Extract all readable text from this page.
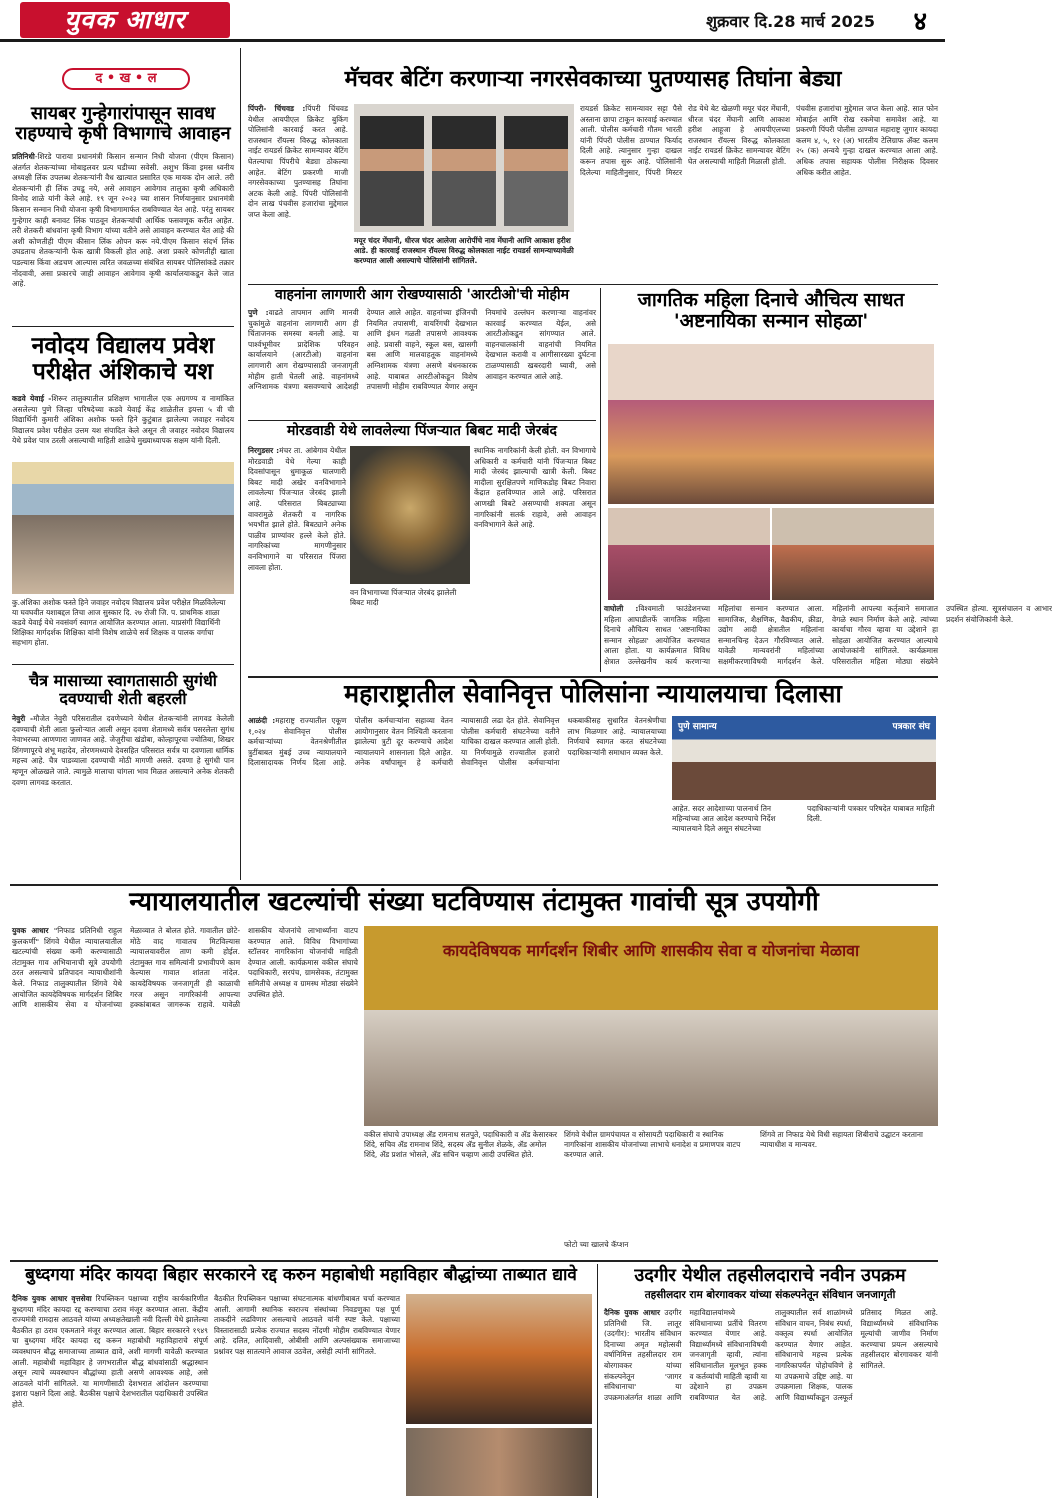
युवक आधार	शुक्रवार दि.28 मार्च 2025 ४
द • ख • ल
सायबर गुन्हेगारांपासून सावध राहण्याचे कृषी विभागाचे आवाहन
प्रतिनिधी-शिरडे पाराया प्रधानमंत्री किसान सन्मान निधी योजना (पीएम किसान) अंतर्गत शेतकऱ्यांच्या मोबाइलवर प्रत्य घडीच्या सवेसी. अशुभ किंवा इमस ध्वनीय अध्यक्षी लिंक उपलब्ध शेतकऱ्यांनी वैध खात्यात प्रसारित एक मायक दोन आले. तरी शेतकऱ्यांनी ही लिंक उघडू नये, असे आवाहन आवेगाव तालुका कृषी अधिकारी विनोद शाळे यांनी केले आहे. १९ जून २०२३ च्या शासन निर्णयानुसार प्रधानमंत्री किसान सन्मान निधी योजना कृषी विभागामार्फत राबविण्यात येत आहे. परंतु सायबर गुन्हेगार काही बनावट लिंक पाठवून शेतकऱ्यांची आर्थिक फसवणूक करीत आहेत. तरी शेतकरी बांधवांना कृषी विभाग यांच्या वतीने असे आवाहन करण्यात येत आहे की अशी कोणतीही पीएम कीसान लिंक ओपन करू नये.पीएम किसान संदर्भ लिंक उघडताच शेतकऱ्यांनी फेक खात्री विकली होत आहे. अशा प्रकारे कोणतीही खाता पडल्यास किंवा अडचण आल्यास त्वरित जवळच्या संबंधित सायबर पोलिसांकडे तक्रार नोंदवावी, असा प्रकारचे जाही आवाहन आवेगाव कृषी कार्यालयाकडून केले जात आहे.
नवोदय विद्यालय प्रवेश परीक्षेत अंशिकाचे यश
कडवे येवाई -शिरूर तालुक्यातील प्रशिक्षण भागातील एक अग्रगण्य व नामांकित असलेल्या पुणे जिल्हा परिषदेच्या कडवे येवाई केंद्र शाळेतील इयत्ता ५ वी ची विद्यार्थिनी कुमारी अंशिका अशोक फस्ते हिने कुटुंबात झालेल्या जवाहर नवोदय विद्यालय प्रवेश परीक्षेत उत्तम यश संपादित केले असून ती जवाहर नवोदय विद्यालय येथे प्रवेश पात्र ठरली असल्याची माहिती शाळेचे मुख्याध्यापक सक्षम यांनी दिली.
कु.अंशिका अशोक फस्ते हिने जवाहर नवोदय विद्यालय प्रवेश परीक्षेत मिळविलेल्या या घवघवीत यशाबद्दल तिचा आज सुस्कार दि. २७ रोजी जि. प. प्राथमिक शाळा कडवे येवाई येथे नवसंवर्ग स्वागत आयोजित करण्यात आला. याप्रसंगी विद्यार्थिनी शिक्षिका मार्गदर्शक शिक्षिका यांनी विशेष शाळेचे सर्व शिक्षक व पालक वर्गाचा सहभाग होता.
चैत्र मासाच्या स्वागतासाठी सुगंधी दवण्याची शेती बहरली
नेवुरी -मौजेत नेवुरी परिसरातील दवणेच्याने येथील शेतकऱ्यांनी लागवड केलेली दवण्याची शेती आता फुलोऱ्यात आली असून दवणा शेतामध्ये सर्वत्र पसरलेला सुगंध नेवाभरच्या आणणारा जाणवत आहे. जेजुरीचा खंडोबा, कोल्हापूरचा ज्योतिबा, शिखर शिंगणापूरचे शंभू महादेव, तोरणमध्याचे देवसहित परिसरात सर्वत्र या दवणाला धार्मिक महत्त्व आहे. चैत्र पाडव्याला दवण्याची मोठी मागणी असते. दवणा हे सुगंधी पान म्हणून ओळखले जाते. त्यामुळे मालाचा चांगला भाव मिळत असल्याने अनेक शेतकरी दवणा लागवड करतात.
मॅचवर बेटिंग करणाऱ्या नगरसेवकाच्या पुतण्यासह तिघांना बेड्या
पिंपरी- चिंचवड :पिंपरी चिंचवड येथील आयपीएल क्रिकेट बुकिंग पोलिसांनी कारवाई करत आहे. राजस्थान रॉयल्स विरुद्ध कोलकाता नाईट रायडर्स क्रिकेट सामन्यावर बेटिंग घेतल्याचा पिंपरीचे बेड्या ठोकल्या आहेत. बेटिंग प्रकरणी माजी नगरसेवकाच्या पुतण्यासह तिघांना अटक केली आहे. पिंपरी पोलिसांनी दोन लाख पंचवीस हजारांचा मुद्देमाल जप्त केला आहे.
मयूर चंदर मेंघानी, धीरज चंदर आलेजा आरोपींचे नाव मेंघानी आणि आकाश हरीश आडे. ही कारवाई राजस्थान रॉयल्स विरुद्ध कोलकाता नाईट रायडर्स सामन्याच्यावेळी करण्यात आली असल्याचे पोलिसांनी सांगितले.
रायडर्स क्रिकेट सामन्यावर सट्टा पैसे अस्ताना छापा टाकून कारवाई करण्यात आली. पोलीस कर्मचारी गौतम भारती यांनी पिंपरी पोलीस ठाण्यात फिर्याद दिली आहे. त्यानुसार गुन्हा दाखल करून तपास सुरू आहे. पोलिसांनी दिलेल्या माहितीनुसार, पिंपरी मिस्टर रोड येथे बेट खेळणी मयूर चंदर मेंघानी, धीरज चंदर मेंघानी आणि आकाश हरीश आहूजा हे आयपीएलच्या राजस्थान रॉयल्स विरुद्ध कोलकाता नाईट रायडर्स क्रिकेट सामन्यावर बेटिंग घेत असल्याची माहिती मिळाली होती.
पंचवीस हजारांचा मुद्देमाल जप्त केला आहे. सात फोन मोबाईल आणि रोख रकमेचा समावेश आहे. या प्रकरणी पिंपरी पोलीस ठाण्यात महाराष्ट्र जुगार कायदा कलम ४, ५, १२ (अ) भारतीय टेलिग्राफ ॲक्ट कलम २५ (क) अन्वये गुन्हा दाखल करण्यात आला आहे. अधिक तपास सहायक पोलीस निरीक्षक दिवसर अधिक करीत आहेत.
वाहनांना लागणारी आग रोखण्यासाठी 'आरटीओ'ची मोहीम
पुणे :वाढते तापमान आणि मानवी चुकांमुळे वाहनांना लागणारी आग ही चिंताजनक समस्या बनली आहे. या पार्श्वभूमीवर प्रादेशिक परिवहन कार्यालयाने (आरटीओ) वाहनांना लागणारी आग रोखण्यासाठी जनजागृती मोहीम हाती घेतली आहे. वाहनांमध्ये अग्निशामक यंत्रणा बसवण्याचे आदेशही देण्यात आले आहेत. वाहनांच्या इंजिनची नियमित तपासणी, वायरिंगची देखभाल आणि इंधन गळती तपासणे आवश्यक आहे. प्रवासी वाहने, स्कूल बस, खासगी बस आणि मालवाहतूक वाहनांमध्ये अग्निशामक यंत्रणा असणे बंधनकारक आहे. याबाबत आरटीओकडून विशेष तपासणी मोहीम राबविण्यात येणार असून नियमांचे उल्लंघन करणाऱ्या वाहनांवर कारवाई करण्यात येईल, असे आरटीओकडून सांगण्यात आले. वाहनचालकांनी वाहनांची नियमित देखभाल करावी व आगीसारख्या दुर्घटना टाळण्यासाठी खबरदारी घ्यावी, असे आवाहन करण्यात आले आहे.
जागतिक महिला दिनाचे औचित्य साधत 'अष्टनायिका सन्मान सोहळा'
वाघोली :विश्वमाती फाउंडेशनच्या महिला आघाडीतर्फे जागतिक महिला दिनाचे औचित्य साधत 'अष्टनायिका सन्मान सोहळा' आयोजित करण्यात आला होता. या कार्यक्रमात विविध क्षेत्रात उल्लेखनीय कार्य करणाऱ्या महिलांचा सन्मान करण्यात आला. सामाजिक, शैक्षणिक, वैद्यकीय, क्रीडा, उद्योग आदी क्षेत्रातील महिलांना सन्मानचिन्ह देऊन गौरविण्यात आले. यावेळी मान्यवरांनी महिलांच्या सक्षमीकरणाविषयी मार्गदर्शन केले. महिलांनी आपल्या कर्तृत्वाने समाजात वेगळे स्थान निर्माण केले आहे. त्यांच्या कार्याचा गौरव व्हावा या उद्देशाने हा सोहळा आयोजित करण्यात आल्याचे आयोजकांनी सांगितले. कार्यक्रमास परिसरातील महिला मोठ्या संख्येने उपस्थित होत्या. सूत्रसंचालन व आभार प्रदर्शन संयोजिकांनी केले.
मोरडवाडी येथे लावलेल्या पिंजऱ्यात बिबट मादी जेरबंद
निरगुडसर :मंचर ता. आंबेगाव येथील मोरडवाडी येथे गेल्या काही दिवसांपासून धुमाकूळ घालणारी बिबट मादी अखेर वनविभागाने लावलेल्या पिंजऱ्यात जेरबंद झाली आहे. परिसरात बिबट्याच्या वावरामुळे शेतकरी व नागरिक भयभीत झाले होते. बिबट्याने अनेक पाळीव प्राण्यांवर हल्ले केले होते. नागरिकांच्या मागणीनुसार वनविभागाने या परिसरात पिंजरा लावला होता.
वन विभागाच्या पिंजऱ्यात जेरबंद झालेली बिबट मादी
स्थानिक नागरिकांनी केली होती. वन विभागाचे अधिकारी व कर्मचारी यांनी पिंजऱ्यात बिबट मादी जेरबंद झाल्याची खात्री केली. बिबट मादीला सुरक्षितपणे माणिकडोह बिबट निवारा केंद्रात हलविण्यात आले आहे. परिसरात आणखी बिबटे असण्याची शक्यता असून नागरिकांनी सतर्क राहावे, असे आवाहन वनविभागाने केले आहे.
महाराष्ट्रातील सेवानिवृत्त पोलिसांना न्यायालयाचा दिलासा
आळंदी :महाराष्ट्र राज्यातील एकूण १,०२४ सेवानिवृत्त पोलीस कर्मचाऱ्यांच्या वेतनश्रेणीतील त्रुटींबाबत मुंबई उच्च न्यायालयाने दिलासादायक निर्णय दिला आहे. पोलीस कर्मचाऱ्यांना सहाव्या वेतन आयोगानुसार वेतन निश्चिती करताना झालेल्या त्रुटी दूर करण्याचे आदेश न्यायालयाने शासनाला दिले आहेत. अनेक वर्षांपासून हे कर्मचारी न्यायासाठी लढा देत होते. सेवानिवृत्त पोलीस कर्मचारी संघटनेच्या वतीने याचिका दाखल करण्यात आली होती. या निर्णयामुळे राज्यातील हजारो सेवानिवृत्त पोलीस कर्मचाऱ्यांना थकबाकीसह सुधारित वेतनश्रेणीचा लाभ मिळणार आहे. न्यायालयाच्या निर्णयाचे स्वागत करत संघटनेच्या पदाधिकाऱ्यांनी समाधान व्यक्त केले.
पुणे सामान्य	पत्रकार संघ
आहेत. सदर आदेशाच्या पालनार्थ तिन महिन्यांच्या आत आदेश करण्याचे निर्देश न्यायालयाने दिले असून संघटनेच्या पदाधिकाऱ्यांनी पत्रकार परिषदेत याबाबत माहिती दिली.
न्यायालयातील खटल्यांची संख्या घटविण्यास तंटामुक्त गावांची सूत्र उपयोगी
युवक आधार "निफाड प्रतिनिधी राहुल कुलकर्णी" शिंगवे येथील न्यायालयातील खटल्यांची संख्या कमी करण्यासाठी तंटामुक्त गाव अभियानाची सूत्रे उपयोगी ठरत असल्याचे प्रतिपादन न्यायाधीशांनी केले. निफाड तालुक्यातील शिंगवे येथे आयोजित कायदेविषयक मार्गदर्शन शिबिर आणि शासकीय सेवा व योजनांच्या मेळाव्यात ते बोलत होते. गावातील छोटे-मोठे वाद गावातच मिटविल्यास न्यायालयावरील ताण कमी होईल. तंटामुक्त गाव समित्यांनी प्रभावीपणे काम केल्यास गावात शांतता नांदेल. कायदेविषयक जनजागृती ही काळाची गरज असून नागरिकांनी आपल्या हक्कांबाबत जागरूक राहावे. यावेळी शासकीय योजनांचे लाभार्थ्यांना वाटप करण्यात आले. विविध विभागांच्या स्टॉलवर नागरिकांना योजनांची माहिती देण्यात आली. कार्यक्रमास वकील संघाचे पदाधिकारी, सरपंच, ग्रामसेवक, तंटामुक्त समितीचे अध्यक्ष व ग्रामस्थ मोठ्या संख्येने उपस्थित होते.
कायदेविषयक मार्गदर्शन शिबीर आणि शासकीय सेवा व योजनांचा मेळावा
वकील संघाचे उपाध्यक्ष ॲड रामनाथ सतपुते, पदाधिकारी व ॲड केसारकर शिंदे, सचिव ॲड रामनाथ शिंदे, सदस्य ॲड सुनील शेळके, ॲड अमोल शिंदे, ॲड प्रशांत भोसले, ॲड सचिन चव्हाण आदी उपस्थित होते.
शिंगवे येथील ग्रामपंचायत व सोसायटी पदाधिकारी व स्थानिक नागरिकांना शासकीय योजनांच्या लाभाचे धनादेश व प्रमाणपत्र वाटप करण्यात आले.
फोटो च्या खालचे कॅप्शन
शिंगवे ता निफाड येथे विधी सहायता शिबीराचे उद्घाटन करताना न्यायाधीश व मान्यवर.
बुध्दगया मंदिर कायदा बिहार सरकारने रद्द करुन महाबोधी महाविहार बौद्धांच्या ताब्यात द्यावे
दैनिक युवक आधार वृत्तसेवा रिपब्लिकन पक्षाच्या राष्ट्रीय कार्यकारिणीत बुध्दगया मंदिर कायदा रद्द करण्याचा ठराव मंजूर करण्यात आला. केंद्रीय राज्यमंत्री रामदास आठवले यांच्या अध्यक्षतेखाली नवी दिल्ली येथे झालेल्या बैठकीत हा ठराव एकमताने मंजूर करण्यात आला. बिहार सरकारने १९४९ चा बुध्दगया मंदिर कायदा रद्द करून महाबोधी महाविहाराचे संपूर्ण व्यवस्थापन बौद्ध समाजाच्या ताब्यात द्यावे, अशी मागणी यावेळी करण्यात आली. महाबोधी महाविहार हे जगभरातील बौद्ध बांधवांसाठी श्रद्धास्थान असून त्याचे व्यवस्थापन बौद्धांच्या हाती असणे आवश्यक आहे, असे आठवले यांनी सांगितले. या मागणीसाठी देशभरात आंदोलन करण्याचा इशारा पक्षाने दिला आहे. बैठकीस पक्षाचे देशभरातील पदाधिकारी उपस्थित होते.
बैठकीत रिपब्लिकन पक्षाच्या संघटनात्मक बांधणीबाबत चर्चा करण्यात आली. आगामी स्थानिक स्वराज्य संस्थांच्या निवडणुका पक्ष पूर्ण ताकदीने लढविणार असल्याचे आठवले यांनी स्पष्ट केले. पक्षाच्या विस्तारासाठी प्रत्येक राज्यात सदस्य नोंदणी मोहीम राबविण्यात येणार आहे. दलित, आदिवासी, ओबीसी आणि अल्पसंख्याक समाजाच्या प्रश्नांवर पक्ष सातत्याने आवाज उठवेल, असेही त्यांनी सांगितले.
उदगीर येथील तहसीलदाराचे नवीन उपक्रम
तहसीलदार राम बोरगावकर यांच्या संकल्पनेतून संविधान जनजागृती
दैनिक युवक आधार उदगीर प्रतिनिधी जि. लातूर (उदगीर): भारतीय संविधान दिनाच्या अमृत महोत्सवी वर्षानिमित्त तहसीलदार राम बोरगावकर यांच्या संकल्पनेतून 'जागर संविधानाचा' या उपक्रमाअंतर्गत शाळा आणि महाविद्यालयांमध्ये संविधानाच्या प्रतींचे वितरण करण्यात येणार आहे. विद्यार्थ्यांमध्ये संविधानाविषयी जनजागृती व्हावी, त्यांना संविधानातील मूलभूत हक्क व कर्तव्यांची माहिती व्हावी या उद्देशाने हा उपक्रम राबविण्यात येत आहे. तालुक्यातील सर्व शाळांमध्ये संविधान वाचन, निबंध स्पर्धा, वक्तृत्व स्पर्धा आयोजित करण्यात येणार आहेत. संविधानाचे महत्त्व प्रत्येक नागरिकापर्यंत पोहोचविणे हे या उपक्रमाचे उद्दिष्ट आहे. या उपक्रमाला शिक्षक, पालक आणि विद्यार्थ्यांकडून उत्स्फूर्त प्रतिसाद मिळत आहे. विद्यार्थ्यांमध्ये संविधानिक मूल्यांची जाणीव निर्माण करण्याचा प्रयत्न असल्याचे तहसीलदार बोरगावकर यांनी सांगितले.
